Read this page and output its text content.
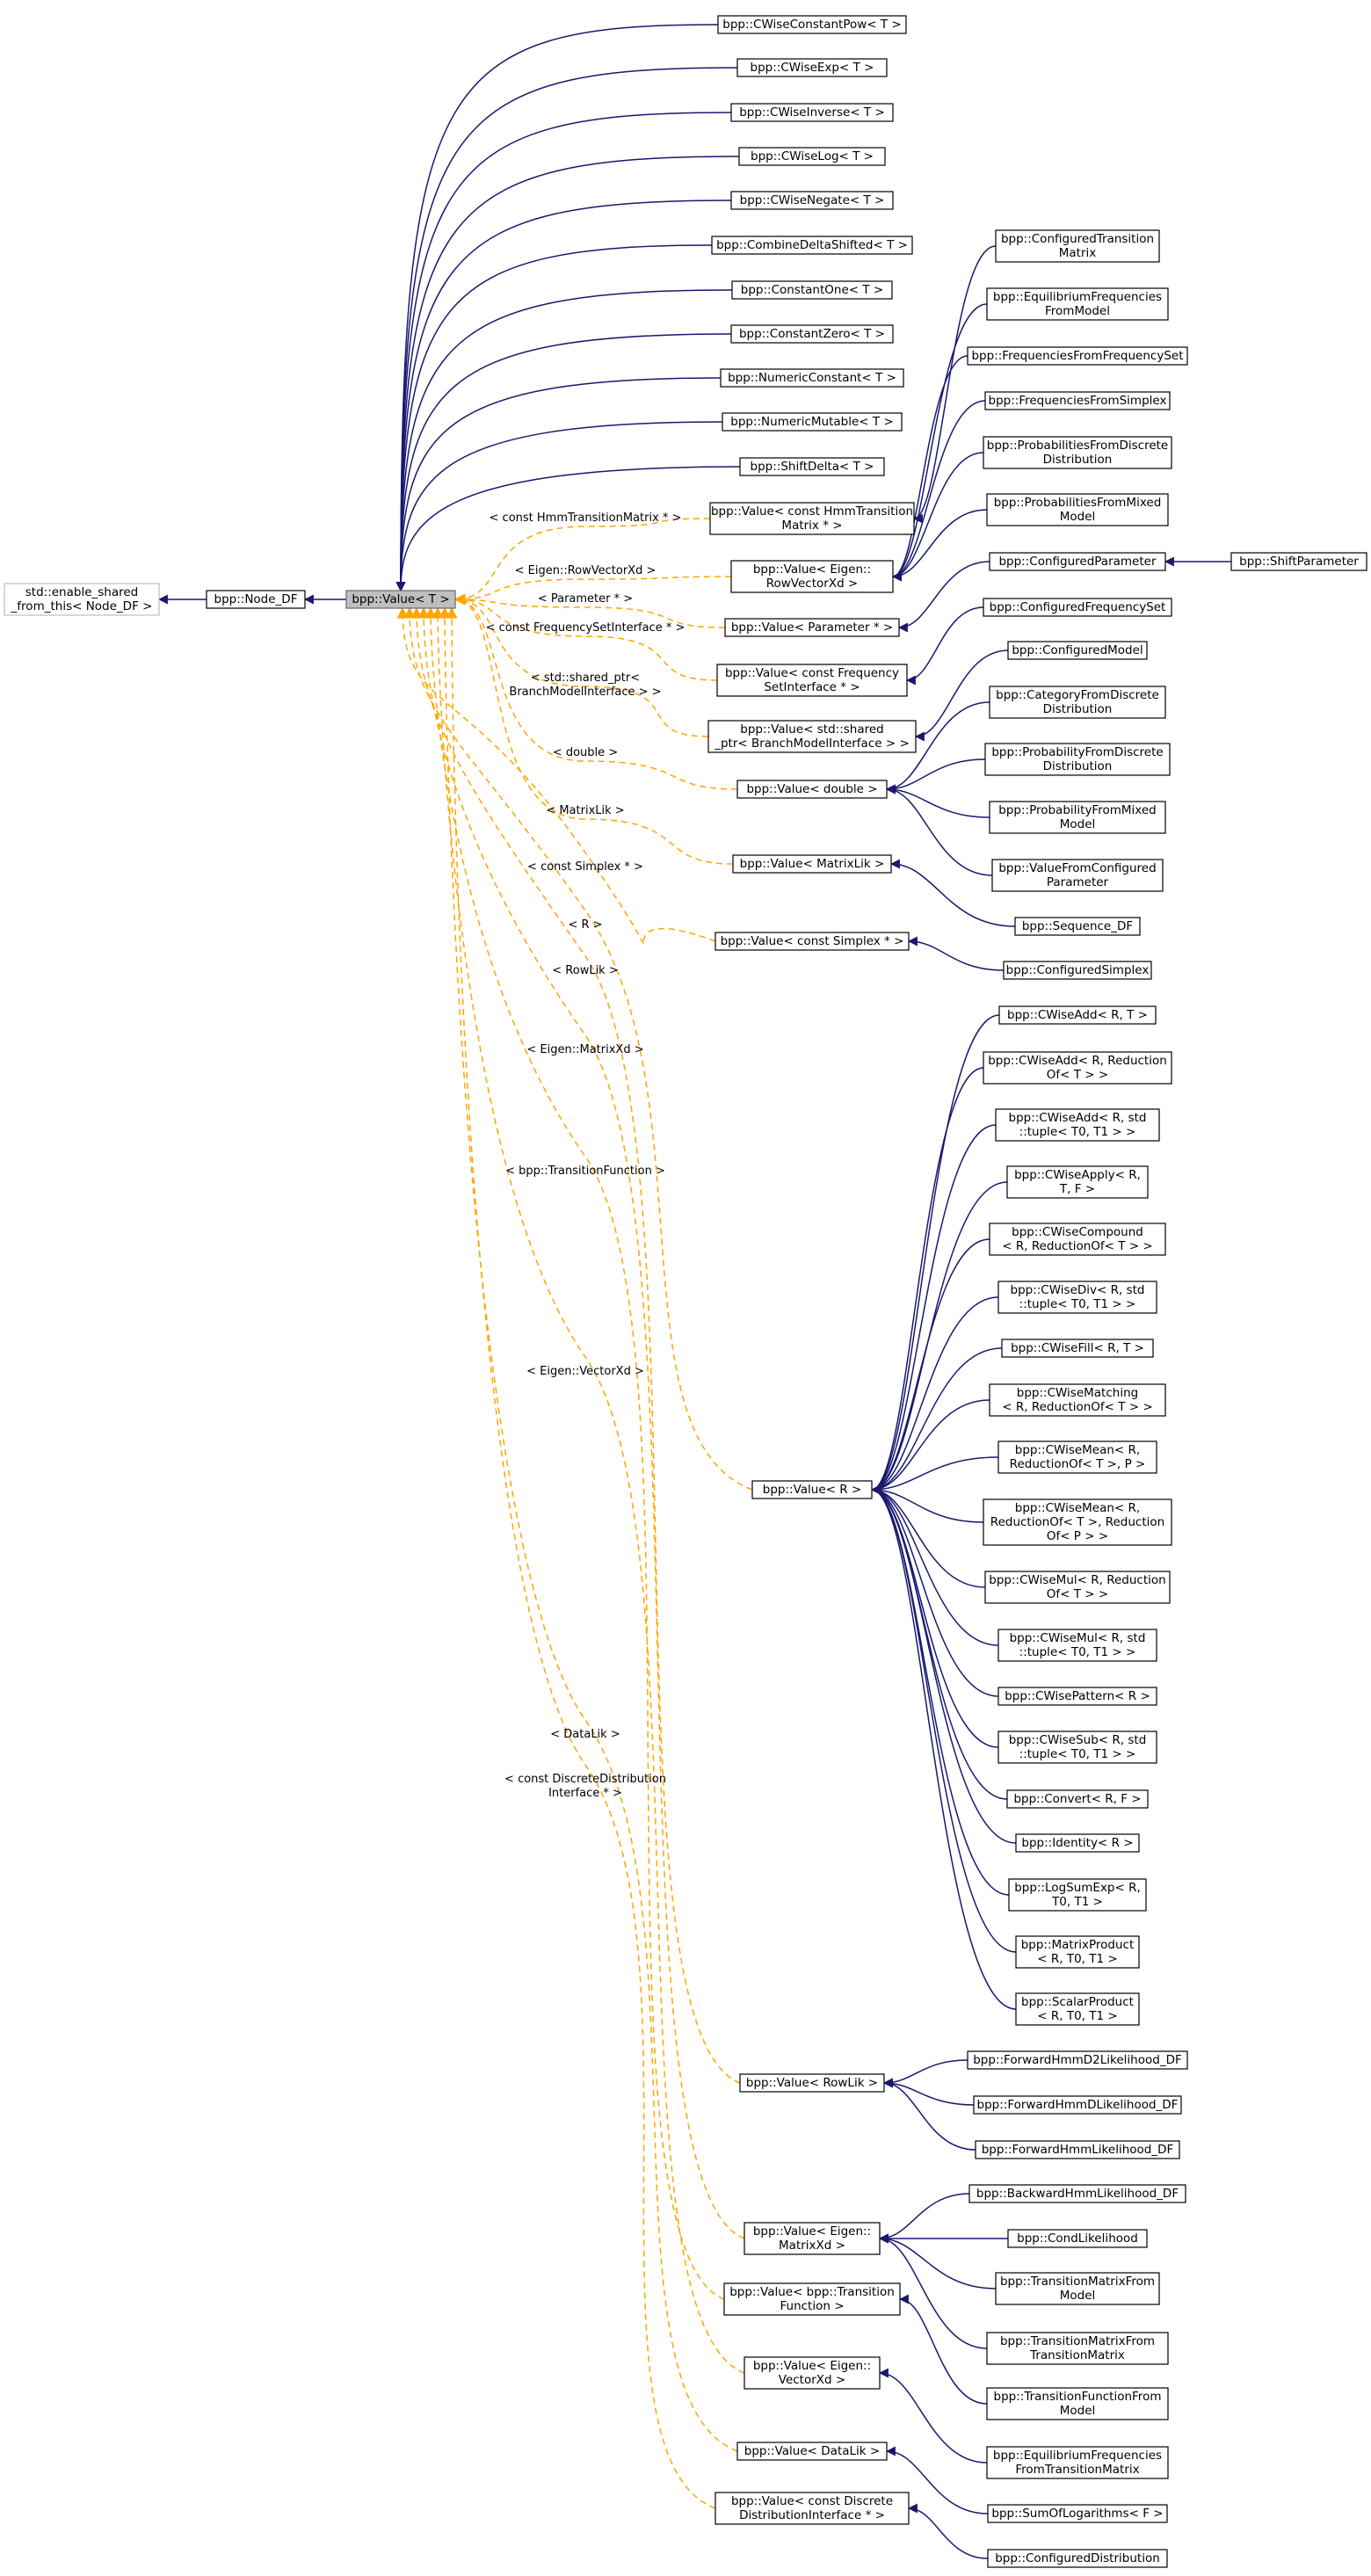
< const HmmTransitionMatrix * >
< Eigen::RowVectorXd >
< Parameter * >
< const FrequencySetInterface * >
< std::shared_ptr< BranchModelInterface > >
< double >
< MatrixLik >
< const Simplex * >
< R >
< RowLik >
< Eigen::MatrixXd >
< bpp::TransitionFunction >
< Eigen::VectorXd >
< DataLik >
< const DiscreteDistribution Interface * >
std::enable_shared _from_this< Node_DF >	bpp::Node_DF	bpp::Value< T >
bpp::CWiseConstantPow< T >
bpp::CWiseExp< T >
bpp::CWiseInverse< T >
bpp::CWiseLog< T >
bpp::CWiseNegate< T >
bpp::CombineDeltaShifted< T >
bpp::ConstantOne< T >
bpp::ConstantZero< T >
bpp::NumericConstant< T >
bpp::NumericMutable< T >
bpp::ShiftDelta< T >
bpp::Value< const HmmTransition Matrix * >
bpp::Value< Eigen:: RowVectorXd >
bpp::Value< Parameter * >
bpp::Value< const Frequency SetInterface * >
bpp::Value< std::shared _ptr< BranchModelInterface > >
bpp::Value< double >
bpp::Value< MatrixLik >
bpp::Value< const Simplex * >
bpp::Value< R >
bpp::Value< RowLik >
bpp::Value< Eigen:: MatrixXd >
bpp::Value< bpp::Transition Function >
bpp::Value< Eigen:: VectorXd >
bpp::Value< DataLik >
bpp::Value< const Discrete DistributionInterface * >
bpp::ConfiguredTransition Matrix
bpp::EquilibriumFrequencies FromModel
bpp::FrequenciesFromFrequencySet
bpp::FrequenciesFromSimplex
bpp::ProbabilitiesFromDiscrete Distribution
bpp::ProbabilitiesFromMixed Model
bpp::ConfiguredParameter	bpp::ShiftParameter
bpp::ConfiguredFrequencySet
bpp::ConfiguredModel
bpp::CategoryFromDiscrete Distribution
bpp::ProbabilityFromDiscrete Distribution
bpp::ProbabilityFromMixed Model
bpp::ValueFromConfigured Parameter
bpp::Sequence_DF
bpp::ConfiguredSimplex
bpp::CWiseAdd< R, T >
bpp::CWiseAdd< R, Reduction Of< T > >
bpp::CWiseAdd< R, std ::tuple< T0, T1 > >
bpp::CWiseApply< R, T, F >
bpp::CWiseCompound < R, ReductionOf< T > >
bpp::CWiseDiv< R, std ::tuple< T0, T1 > >
bpp::CWiseFill< R, T >
bpp::CWiseMatching < R, ReductionOf< T > >
bpp::CWiseMean< R, ReductionOf< T >, P >
bpp::CWiseMean< R, ReductionOf< T >, Reduction Of< P > >
bpp::CWiseMul< R, Reduction Of< T > >
bpp::CWiseMul< R, std ::tuple< T0, T1 > >
bpp::CWisePattern< R >
bpp::CWiseSub< R, std ::tuple< T0, T1 > >
bpp::Convert< R, F >
bpp::Identity< R >
bpp::LogSumExp< R, T0, T1 >
bpp::MatrixProduct < R, T0, T1 >
bpp::ScalarProduct < R, T0, T1 >
bpp::ForwardHmmD2Likelihood_DF
bpp::ForwardHmmDLikelihood_DF
bpp::ForwardHmmLikelihood_DF
bpp::BackwardHmmLikelihood_DF
bpp::CondLikelihood
bpp::TransitionMatrixFrom Model
bpp::TransitionMatrixFrom TransitionMatrix
bpp::TransitionFunctionFrom Model
bpp::EquilibriumFrequencies FromTransitionMatrix
bpp::SumOfLogarithms< F >
bpp::ConfiguredDistribution
